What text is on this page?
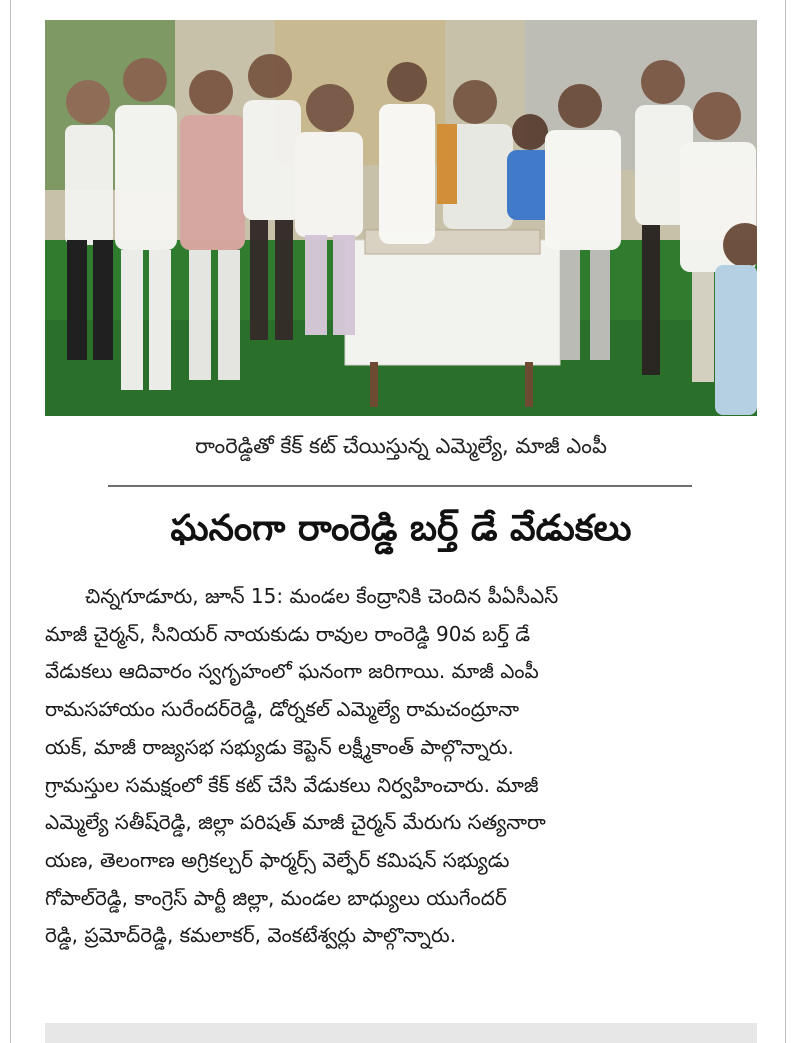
రాంరెడ్డితో కేక్ కట్ చేయిస్తున్న ఎమ్మెల్యే, మాజీ ఎంపీ
ఘనంగా రాంరెడ్డి బర్త్ డే వేడుకలు
చిన్నగూడూరు, జూన్ 15: మండల కేంద్రానికి చెందిన పీఏసీఎస్
మాజీ చైర్మన్, సీనియర్ నాయకుడు రావుల రాంరెడ్డి 90వ బర్త్ డే
వేడుకలు ఆదివారం స్వగృహంలో ఘనంగా జరిగాయి. మాజీ ఎంపీ
రామసహాయం సురేందర్‌రెడ్డి, డోర్నకల్ ఎమ్మెల్యే రామచంద్రూనా
యక్, మాజీ రాజ్యసభ సభ్యుడు కెప్టెన్ లక్ష్మీకాంత్ పాల్గొన్నారు.
గ్రామస్తుల సమక్షంలో కేక్ కట్ చేసి వేడుకలు నిర్వహించారు. మాజీ
ఎమ్మెల్యే సతీష్‌రెడ్డి, జిల్లా పరిషత్ మాజీ చైర్మన్ మేరుగు సత్యనారా
యణ, తెలంగాణ అగ్రికల్చర్ ఫార్మర్స్ వెల్ఫేర్ కమిషన్ సభ్యుడు
గోపాల్‌రెడ్డి, కాంగ్రెస్ పార్టీ జిల్లా, మండల బాధ్యులు యుగేందర్
రెడ్డి, ప్రమోద్‌రెడ్డి, కమలాకర్, వెంకటేశ్వర్లు పాల్గొన్నారు.
